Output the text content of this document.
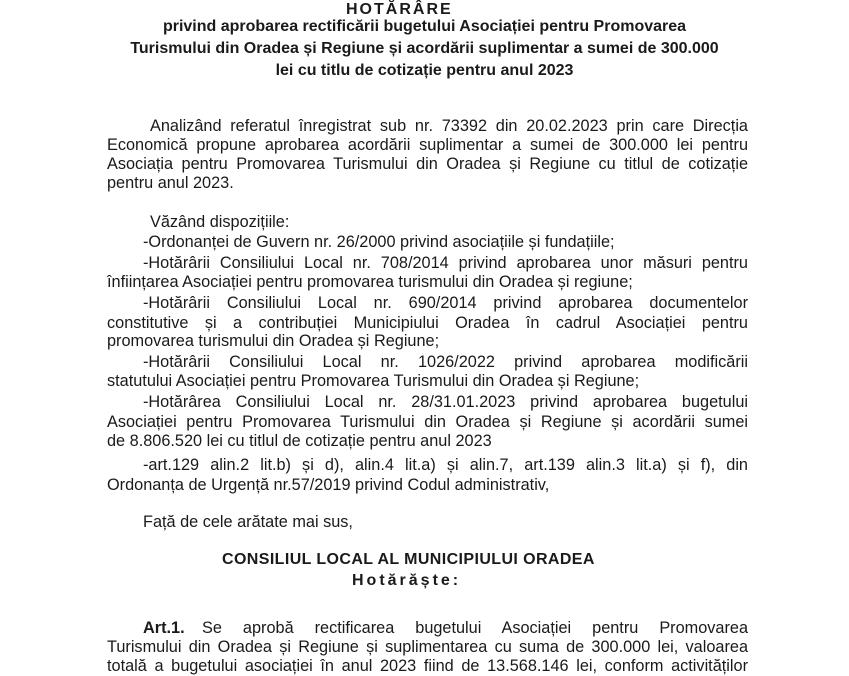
HOTĂRÂRE
privind aprobarea rectificării bugetului Asociației pentru Promovarea
Turismului din Oradea și Regiune și acordării suplimentar a sumei de 300.000
lei cu titlu de cotizație pentru anul 2023
Analizând referatul înregistrat sub nr. 73392 din 20.02.2023 prin care Direcția
Economică propune aprobarea acordării suplimentar a sumei de 300.000 lei pentru
Asociația pentru Promovarea Turismului din Oradea și Regiune cu titlul de cotizație
pentru anul 2023.
Văzând dispozițiile:
-Ordonanței de Guvern nr. 26/2000 privind asociațiile și fundațiile;
-Hotărârii Consiliului Local nr. 708/2014 privind aprobarea unor măsuri pentru
înființarea Asociației pentru promovarea turismului din Oradea și regiune;
-Hotărârii Consiliului Local nr. 690/2014 privind aprobarea documentelor
constitutive și a contribuției Municipiului Oradea în cadrul Asociației pentru
promovarea turismului din Oradea și Regiune;
-Hotărârii Consiliului Local nr. 1026/2022 privind aprobarea modificării
statutului Asociației pentru Promovarea Turismului din Oradea și Regiune;
-Hotărârea Consiliului Local nr. 28/31.01.2023 privind aprobarea bugetului
Asociației pentru Promovarea Turismului din Oradea și Regiune și acordării sumei
de 8.806.520 lei cu titlul de cotizație pentru anul 2023
-art.129 alin.2 lit.b) și d), alin.4 lit.a) și alin.7, art.139 alin.3 lit.a) și f), din
Ordonanța de Urgență nr.57/2019 privind Codul administrativ,
Față de cele arătate mai sus,
CONSILIUL LOCAL AL MUNICIPIULUI ORADEA
Hotărăște:
Art.1. Se aprobă rectificarea bugetului Asociației pentru Promovarea
Turismului din Oradea și Regiune și suplimentarea cu suma de 300.000 lei, valoarea
totală a bugetului asociației în anul 2023 fiind de 13.568.146 lei, conform activităților
